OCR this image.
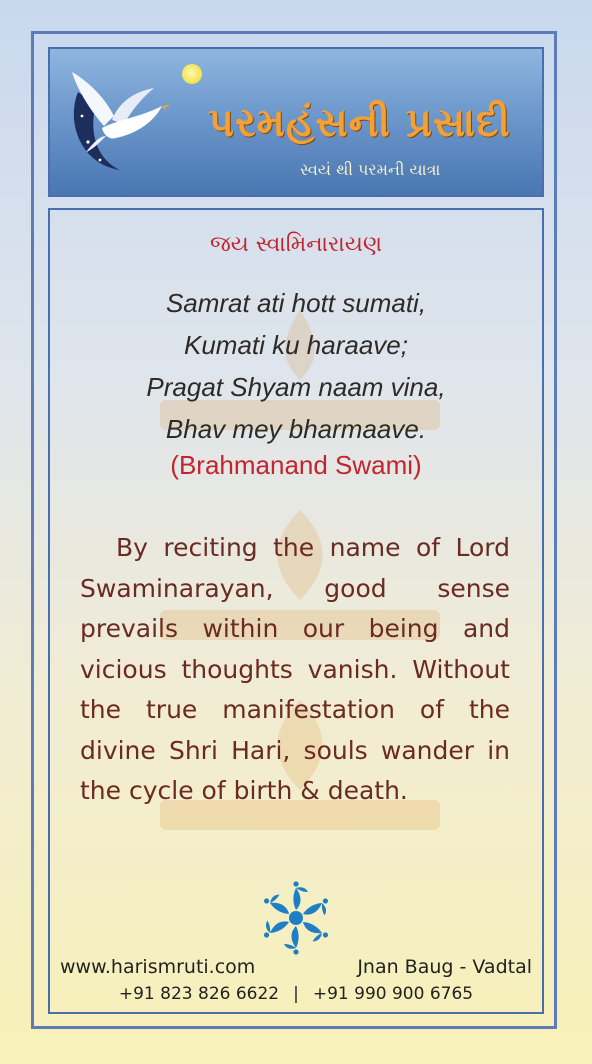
પરમહંસની પ્રસાદી
સ્વયં થી પરમની યાત્રા
જય સ્વામિનારાયણ
Samrat ati hott sumati,
Kumati ku haraave;
Pragat Shyam naam vina,
Bhav mey bharmaave.
(Brahmanand Swami)
By reciting the name of Lord Swaminarayan, good sense prevails within our being and vicious thoughts vanish. Without the true manifestation of the divine Shri Hari, souls wander in the cycle of birth & death.
www.harismruti.com	Jnan Baug - Vadtal
+91 823 826 6622 | +91 990 900 6765
